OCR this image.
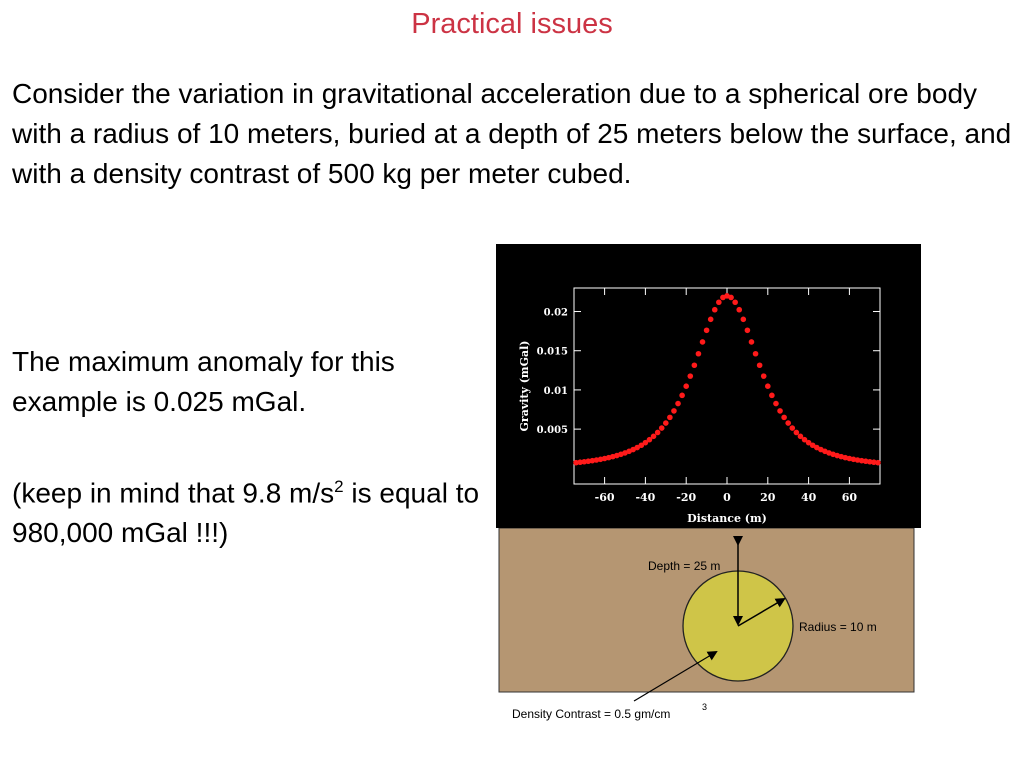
Practical issues

Consider the variation in gravitational acceleration due to a spherical ore body with a radius of 10 meters, buried at a depth of 25 meters below the surface, and with a density contrast of 500 kg per meter cubed.

The maximum anomaly for this example is 0.025 mGal.

(keep in mind that 9.8 $m/s^2$ is equal to 980,000 mGal !!!)

Depth = 25 m
Radius = 10 m
Density Contrast = 0.5 gm/cm	3
-60 -40 -20 0	20 40 60
0.005
0.01
0.015
0.02
Distance (m)
Gravity (mGal)
